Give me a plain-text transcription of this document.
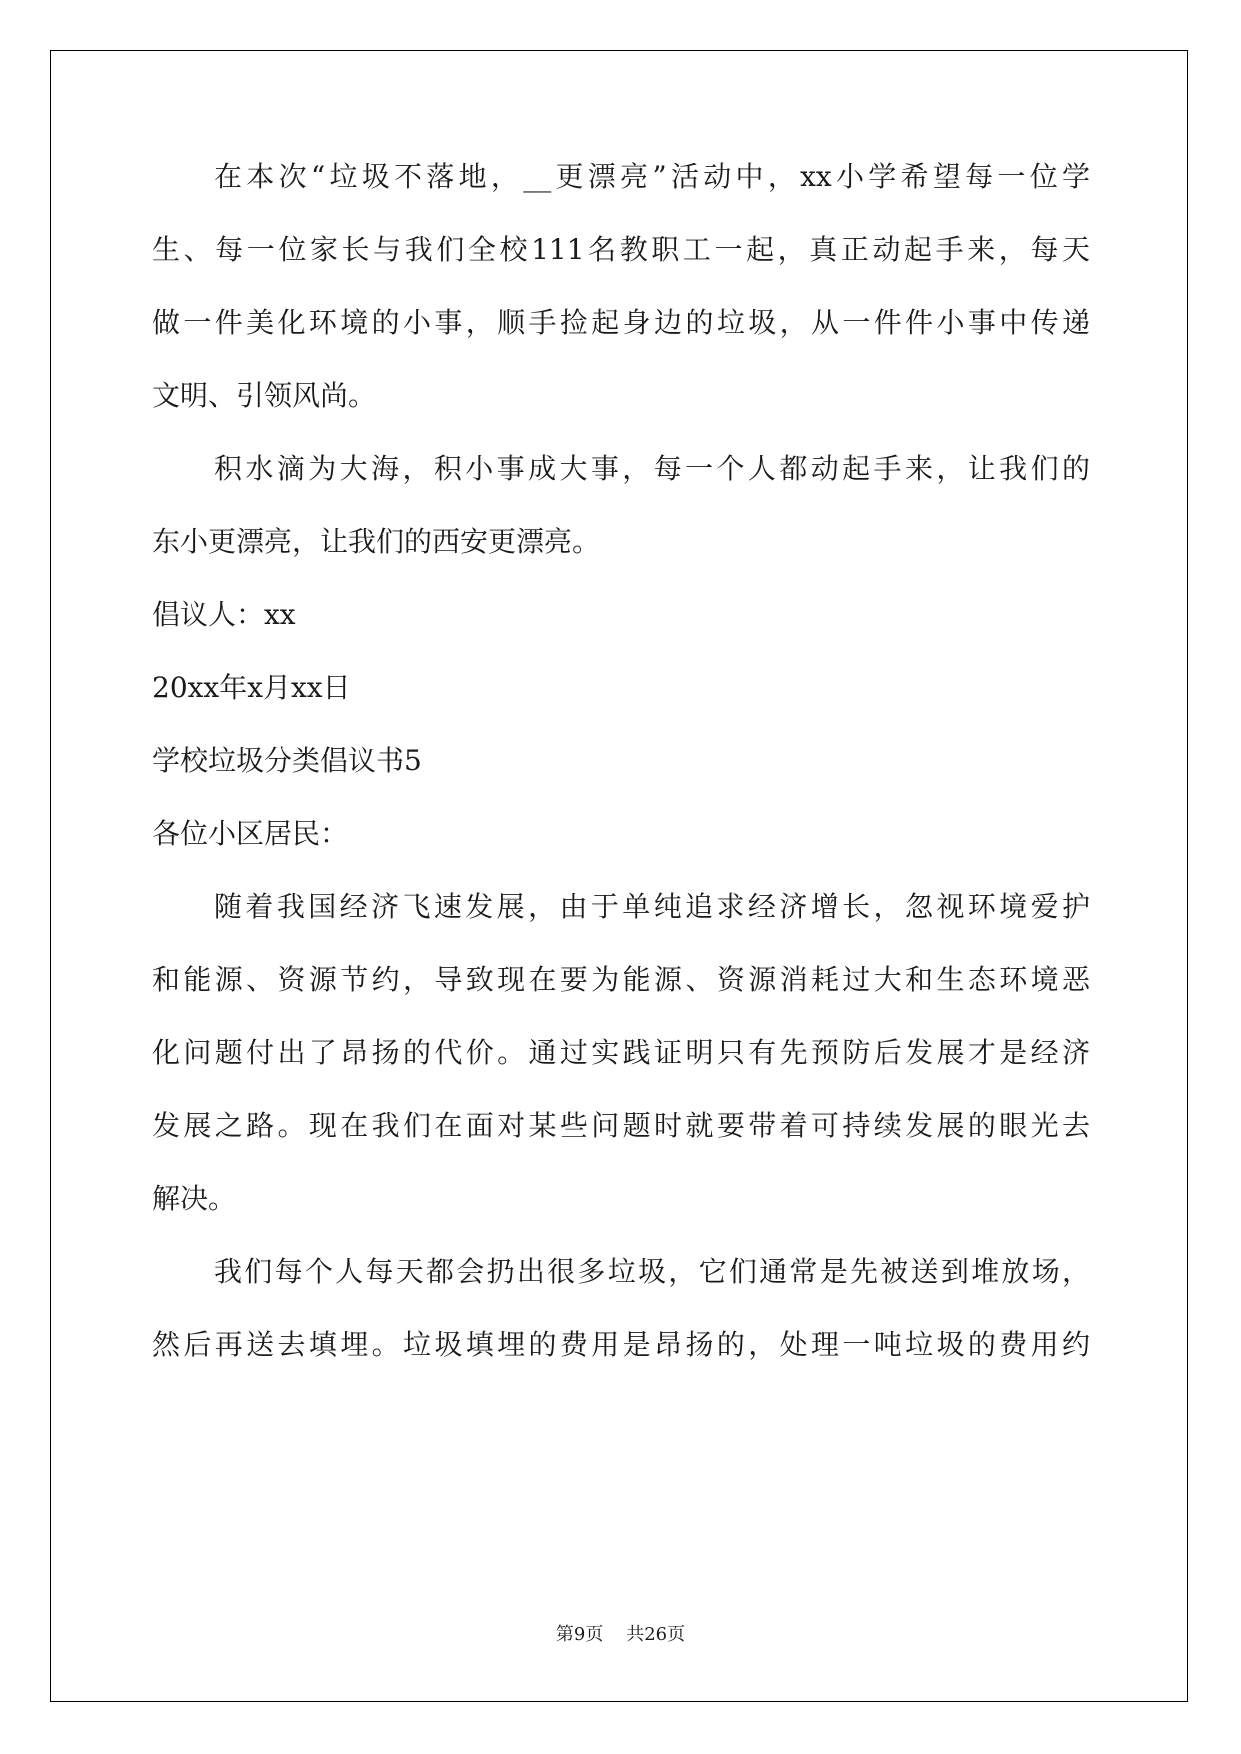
在本次“垃圾不落地，__更漂亮”活动中，xx小学希望每一位学
生、每一位家长与我们全校111名教职工一起，真正动起手来，每天
做一件美化环境的小事，顺手捡起身边的垃圾，从一件件小事中传递
文明、引领风尚。
积水滴为大海，积小事成大事，每一个人都动起手来，让我们的
东小更漂亮，让我们的西安更漂亮。
倡议人：xx
20xx年x月xx日
学校垃圾分类倡议书5
各位小区居民：
随着我国经济飞速发展，由于单纯追求经济增长，忽视环境爱护
和能源、资源节约，导致现在要为能源、资源消耗过大和生态环境恶
化问题付出了昂扬的代价。通过实践证明只有先预防后发展才是经济
发展之路。现在我们在面对某些问题时就要带着可持续发展的眼光去
解决。
我们每个人每天都会扔出很多垃圾，它们通常是先被送到堆放场，
然后再送去填埋。垃圾填埋的费用是昂扬的，处理一吨垃圾的费用约
第9页    共26页
